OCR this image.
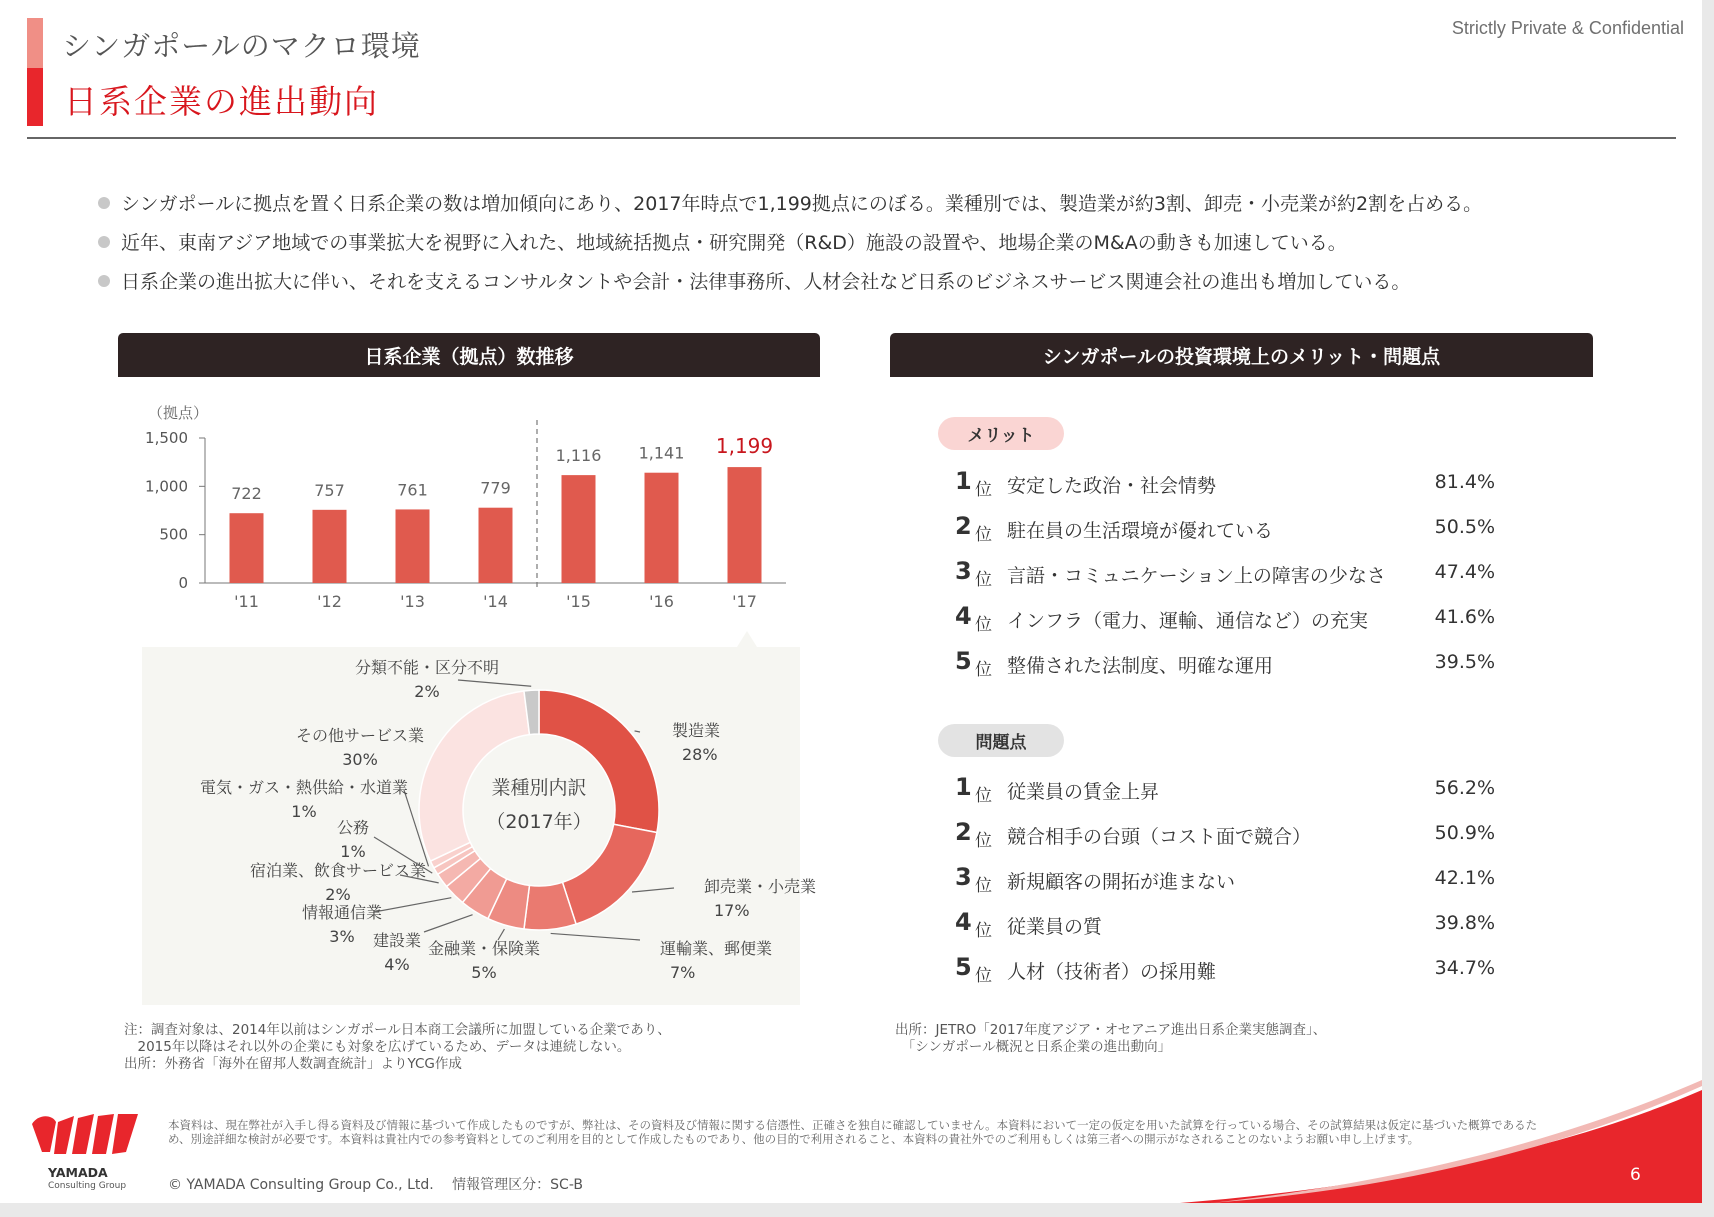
シンガポールのマクロ環境
日系企業の進出動向
Strictly Private & Confidential
シンガポールに拠点を置く日系企業の数は増加傾向にあり、2017年時点で1,199拠点にのぼる。業種別では、製造業が約3割、卸売・小売業が約2割を占める。
近年、東南アジア地域での事業拡大を視野に入れた、地域統括拠点・研究開発（R&D）施設の設置や、地場企業のM&Aの動きも加速している。
日系企業の進出拡大に伴い、それを支えるコンサルタントや会計・法律事務所、人材会社など日系のビジネスサービス関連会社の進出も増加している。
日系企業（拠点）数推移
（拠点）
0
500
1,000
1,500
722
'11
757
'12
761
'13
779
'14
1,116
'15
1,141
'16
1,199
'17
業種別内訳
（2017年）
製造業
28%
卸売業・小売業
17%
運輸業、郵便業
7%
金融業・保険業
5%
建設業
4%
情報通信業
3%
宿泊業、飲食サービス業
2%
公務
1%
電気・ガス・熱供給・水道業
1%
その他サービス業
30%
分類不能・区分不明
2%
注：調査対象は、2014年以前はシンガポール日本商工会議所に加盟している企業であり、
　2015年以降はそれ以外の企業にも対象を広げているため、データは連続しない。
出所：外務省「海外在留邦人数調査統計」よりYCG作成
シンガポールの投資環境上のメリット・問題点
メリット
問題点
1 位 安定した政治・社会情勢	81.4%
2 位 駐在員の生活環境が優れている	50.5%
3 位 言語・コミュニケーション上の障害の少なさ	47.4%
4 位 インフラ（電力、運輸、通信など）の充実	41.6%
5 位 整備された法制度、明確な運用	39.5%
1 位 従業員の賃金上昇	56.2%
2 位 競合相手の台頭（コスト面で競合）	50.9%
3 位 新規顧客の開拓が進まない	42.1%
4 位 従業員の質	39.8%
5 位 人材（技術者）の採用難	34.7%
出所：JETRO「2017年度アジア・オセアニア進出日系企業実態調査」、
　「シンガポール概況と日系企業の進出動向」
YAMADA
Consulting Group
本資料は、現在弊社が入手し得る資料及び情報に基づいて作成したものですが、弊社は、その資料及び情報に関する信憑性、正確さを独自に確認していません。本資料において一定の仮定を用いた試算を行っている場合、その試算結果は仮定に基づいた概算であるため、別途詳細な検討が必要です。本資料は貴社内での参考資料としてのご利用を目的として作成したものであり、他の目的で利用されること、本資料の貴社外でのご利用もしくは第三者への開示がなされることのないようお願い申し上げます。
© YAMADA Consulting Group Co., Ltd.　 情報管理区分：SC-B	6
